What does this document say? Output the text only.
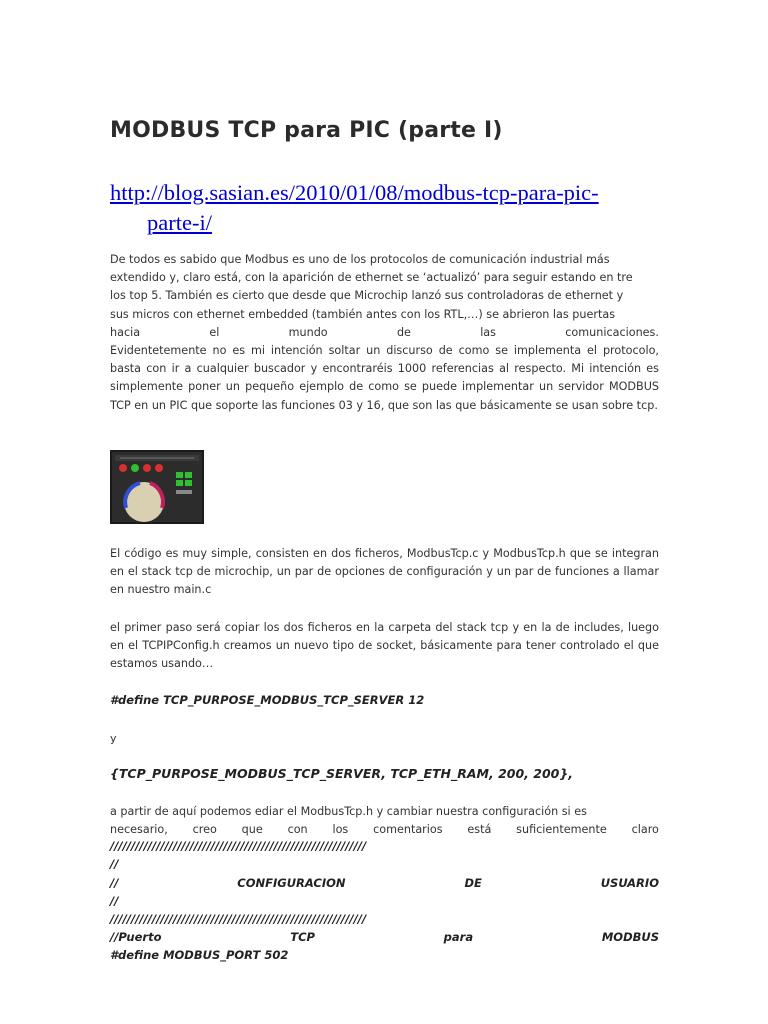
MODBUS TCP para PIC (parte I)
http://blog.sasian.es/2010/01/08/modbus-tcp-para-pic-
parte-i/
De todos es sabido que Modbus es uno de los protocolos de comunicación industrial más
extendido y, claro está, con la aparición de ethernet se ‘actualizó’ para seguir estando en tre
los top 5. También es cierto que desde que Microchip lanzó sus controladoras de ethernet y
sus micros con ethernet embedded (también antes con los RTL,…) se abrieron las puertas
hacia	el	mundo	de	las	comunicaciones.
Evidentetemente no es mi intención soltar un discurso de como se implementa el protocolo, basta con ir a cualquier buscador y encontraréis 1000 referencias al respecto. Mi intención es simplemente poner un pequeño ejemplo de como se puede implementar un servidor MODBUS TCP en un PIC que soporte las funciones 03 y 16, que son las que básicamente se usan sobre tcp.
El código es muy simple, consisten en dos ficheros, ModbusTcp.c y ModbusTcp.h que se integran en el stack tcp de microchip, un par de opciones de configuración y un par de funciones a llamar en nuestro main.c
el primer paso será copiar los dos ficheros en la carpeta del stack tcp y en la de includes, luego en el TCPIPConfig.h creamos un nuevo tipo de socket, básicamente para tener controlado el que estamos usando…
#define TCP_PURPOSE_MODBUS_TCP_SERVER 12
y
{TCP_PURPOSE_MODBUS_TCP_SERVER, TCP_ETH_RAM, 200, 200},
a partir de aquí podemos ediar el ModbusTcp.h y cambiar nuestra configuración si es
necesario, creo que con los comentarios está suficientemente claro
/////////////////////////////////////////////////////////////
//
//	CONFIGURACION	DE	USUARIO
//
/////////////////////////////////////////////////////////////
//Puerto	TCP	para	MODBUS
#define MODBUS_PORT 502
